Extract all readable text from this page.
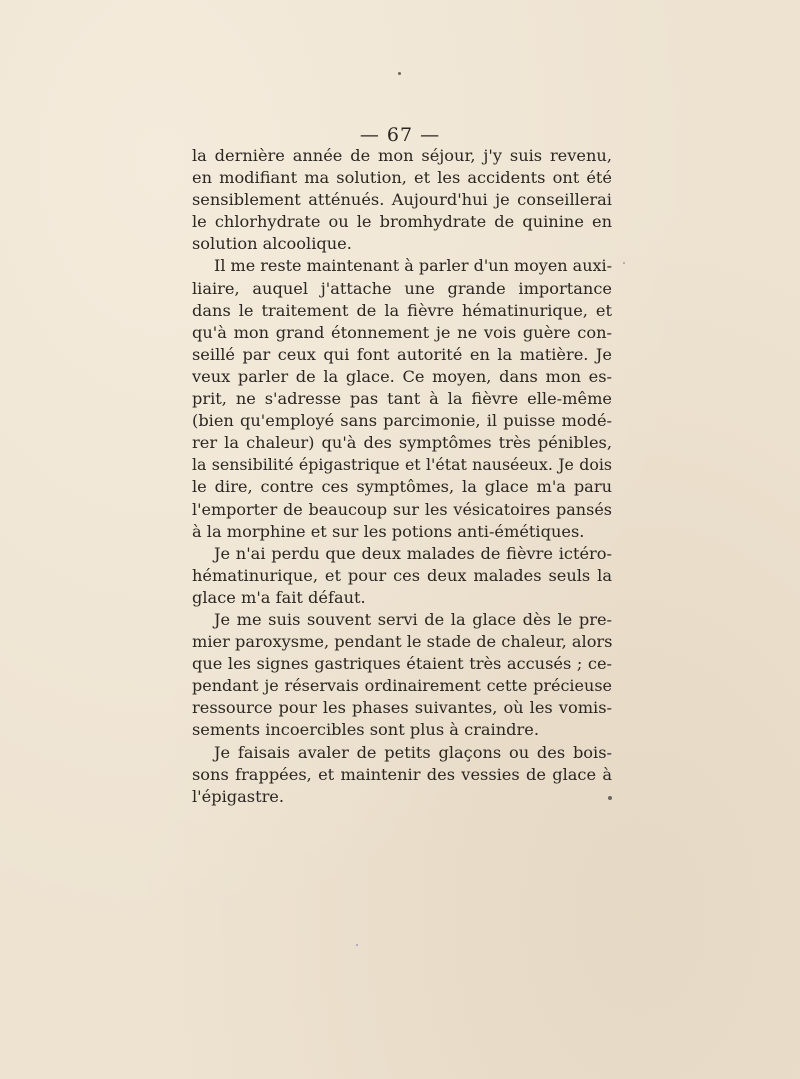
— 67 —
la dernière année de mon séjour, j'y suis revenu,
en modifiant ma solution, et les accidents ont été
sensiblement atténués. Aujourd'hui je conseillerai
le chlorhydrate ou le bromhydrate de quinine en
solution alcoolique.
Il me reste maintenant à parler d'un moyen auxi-
liaire, auquel j'attache une grande importance
dans le traitement de la fièvre hématinurique, et
qu'à mon grand étonnement je ne vois guère con-
seillé par ceux qui font autorité en la matière. Je
veux parler de la glace. Ce moyen, dans mon es-
prit, ne s'adresse pas tant à la fièvre elle-même
(bien qu'employé sans parcimonie, il puisse modé-
rer la chaleur) qu'à des symptômes très pénibles,
la sensibilité épigastrique et l'état nauséeux. Je dois
le dire, contre ces symptômes, la glace m'a paru
l'emporter de beaucoup sur les vésicatoires pansés
à la morphine et sur les potions anti-émétiques.
Je n'ai perdu que deux malades de fièvre ictéro-
hématinurique, et pour ces deux malades seuls la
glace m'a fait défaut.
Je me suis souvent servi de la glace dès le pre-
mier paroxysme, pendant le stade de chaleur, alors
que les signes gastriques étaient très accusés ; ce-
pendant je réservais ordinairement cette précieuse
ressource pour les phases suivantes, où les vomis-
sements incoercibles sont plus à craindre.
Je faisais avaler de petits glaçons ou des bois-
sons frappées, et maintenir des vessies de glace à
l'épigastre.
